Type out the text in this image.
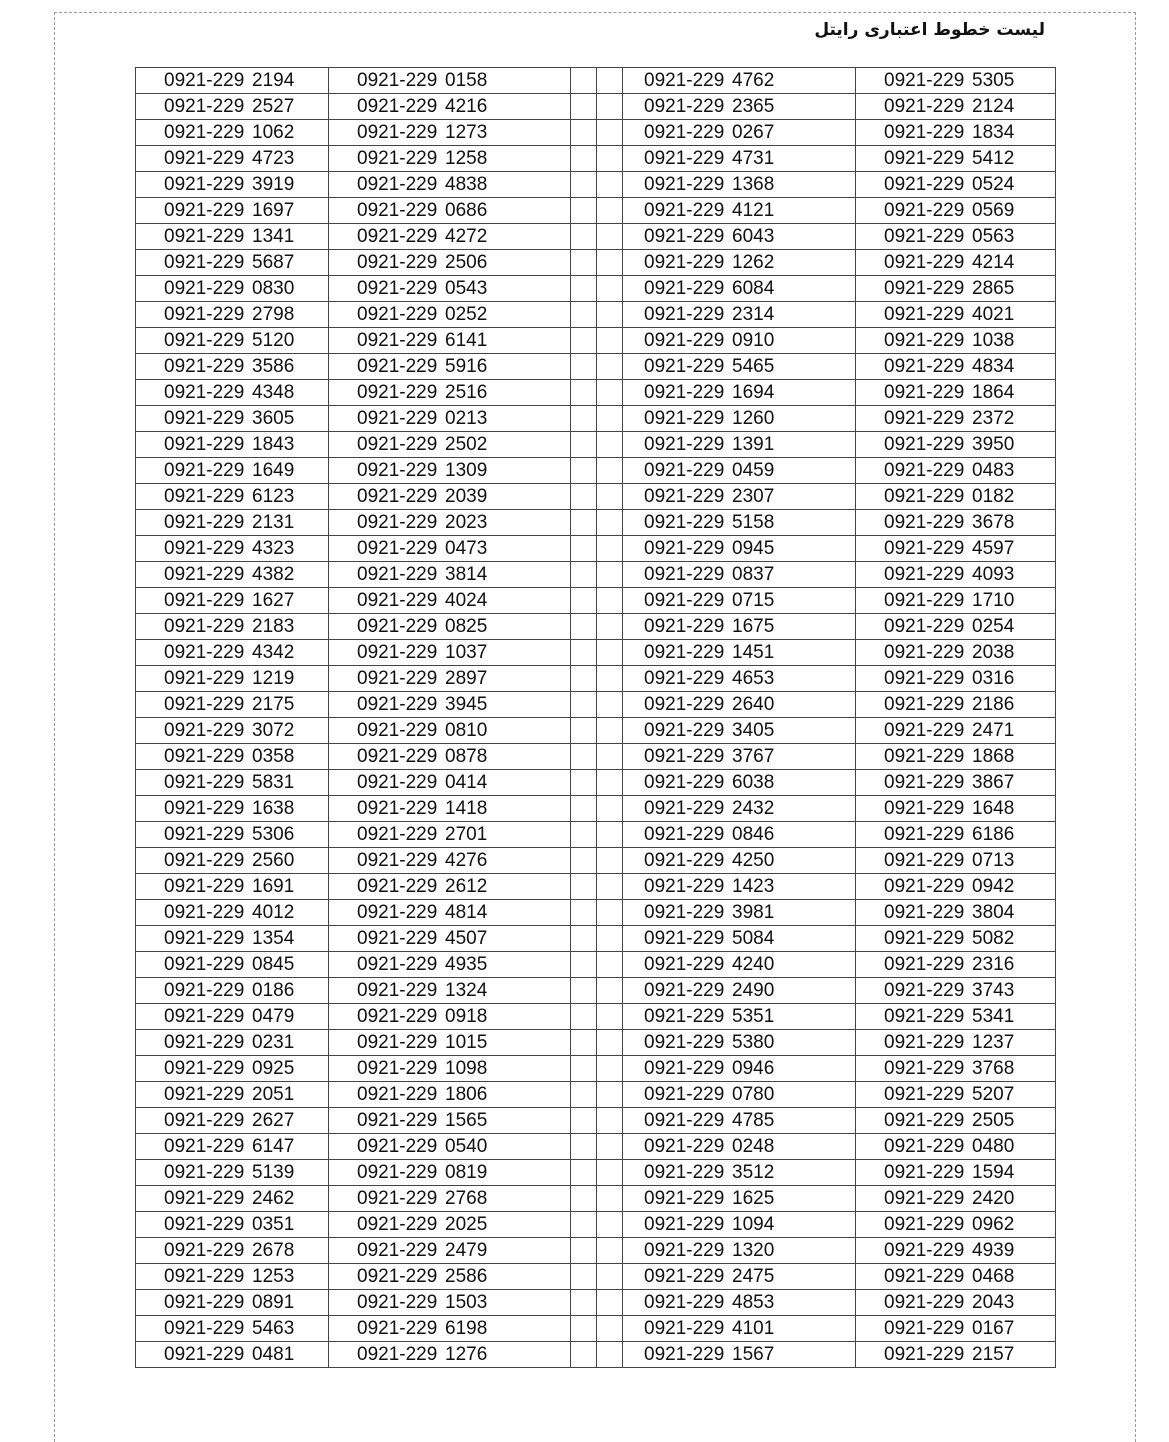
لیست خطوط اعتباری رایتل
0921-229 2194	0921-229 0158			0921-229 4762	0921-229 5305
0921-229 2527	0921-229 4216			0921-229 2365	0921-229 2124
0921-229 1062	0921-229 1273			0921-229 0267	0921-229 1834
0921-229 4723	0921-229 1258			0921-229 4731	0921-229 5412
0921-229 3919	0921-229 4838			0921-229 1368	0921-229 0524
0921-229 1697	0921-229 0686			0921-229 4121	0921-229 0569
0921-229 1341	0921-229 4272			0921-229 6043	0921-229 0563
0921-229 5687	0921-229 2506			0921-229 1262	0921-229 4214
0921-229 0830	0921-229 0543			0921-229 6084	0921-229 2865
0921-229 2798	0921-229 0252			0921-229 2314	0921-229 4021
0921-229 5120	0921-229 6141			0921-229 0910	0921-229 1038
0921-229 3586	0921-229 5916			0921-229 5465	0921-229 4834
0921-229 4348	0921-229 2516			0921-229 1694	0921-229 1864
0921-229 3605	0921-229 0213			0921-229 1260	0921-229 2372
0921-229 1843	0921-229 2502			0921-229 1391	0921-229 3950
0921-229 1649	0921-229 1309			0921-229 0459	0921-229 0483
0921-229 6123	0921-229 2039			0921-229 2307	0921-229 0182
0921-229 2131	0921-229 2023			0921-229 5158	0921-229 3678
0921-229 4323	0921-229 0473			0921-229 0945	0921-229 4597
0921-229 4382	0921-229 3814			0921-229 0837	0921-229 4093
0921-229 1627	0921-229 4024			0921-229 0715	0921-229 1710
0921-229 2183	0921-229 0825			0921-229 1675	0921-229 0254
0921-229 4342	0921-229 1037			0921-229 1451	0921-229 2038
0921-229 1219	0921-229 2897			0921-229 4653	0921-229 0316
0921-229 2175	0921-229 3945			0921-229 2640	0921-229 2186
0921-229 3072	0921-229 0810			0921-229 3405	0921-229 2471
0921-229 0358	0921-229 0878			0921-229 3767	0921-229 1868
0921-229 5831	0921-229 0414			0921-229 6038	0921-229 3867
0921-229 1638	0921-229 1418			0921-229 2432	0921-229 1648
0921-229 5306	0921-229 2701			0921-229 0846	0921-229 6186
0921-229 2560	0921-229 4276			0921-229 4250	0921-229 0713
0921-229 1691	0921-229 2612			0921-229 1423	0921-229 0942
0921-229 4012	0921-229 4814			0921-229 3981	0921-229 3804
0921-229 1354	0921-229 4507			0921-229 5084	0921-229 5082
0921-229 0845	0921-229 4935			0921-229 4240	0921-229 2316
0921-229 0186	0921-229 1324			0921-229 2490	0921-229 3743
0921-229 0479	0921-229 0918			0921-229 5351	0921-229 5341
0921-229 0231	0921-229 1015			0921-229 5380	0921-229 1237
0921-229 0925	0921-229 1098			0921-229 0946	0921-229 3768
0921-229 2051	0921-229 1806			0921-229 0780	0921-229 5207
0921-229 2627	0921-229 1565			0921-229 4785	0921-229 2505
0921-229 6147	0921-229 0540			0921-229 0248	0921-229 0480
0921-229 5139	0921-229 0819			0921-229 3512	0921-229 1594
0921-229 2462	0921-229 2768			0921-229 1625	0921-229 2420
0921-229 0351	0921-229 2025			0921-229 1094	0921-229 0962
0921-229 2678	0921-229 2479			0921-229 1320	0921-229 4939
0921-229 1253	0921-229 2586			0921-229 2475	0921-229 0468
0921-229 0891	0921-229 1503			0921-229 4853	0921-229 2043
0921-229 5463	0921-229 6198			0921-229 4101	0921-229 0167
0921-229 0481	0921-229 1276			0921-229 1567	0921-229 2157
